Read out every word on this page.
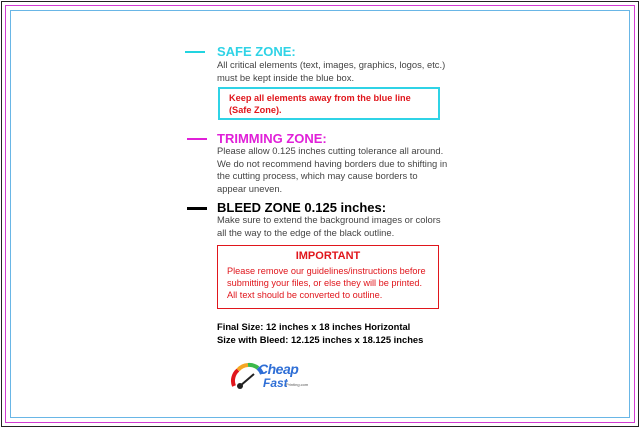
SAFE ZONE:
All critical elements (text, images, graphics, logos, etc.)
must be kept inside the blue box.
Keep all elements away from the blue line
(Safe Zone).
TRIMMING ZONE:
Please allow 0.125 inches cutting tolerance all around.
We do not recommend having borders due to shifting in
the cutting process, which may cause borders to
appear uneven.
BLEED ZONE 0.125 inches:
Make sure to extend the background images or colors
all the way to the edge of the black outline.
IMPORTANT
Please remove our guidelines/instructions before
submitting your files, or else they will be printed.
All text should be converted to outline.
Final Size: 12 inches x 18 inches Horizontal
Size with Bleed: 12.125 inches x 18.125 inches
Cheap
Fast
Printing.com
